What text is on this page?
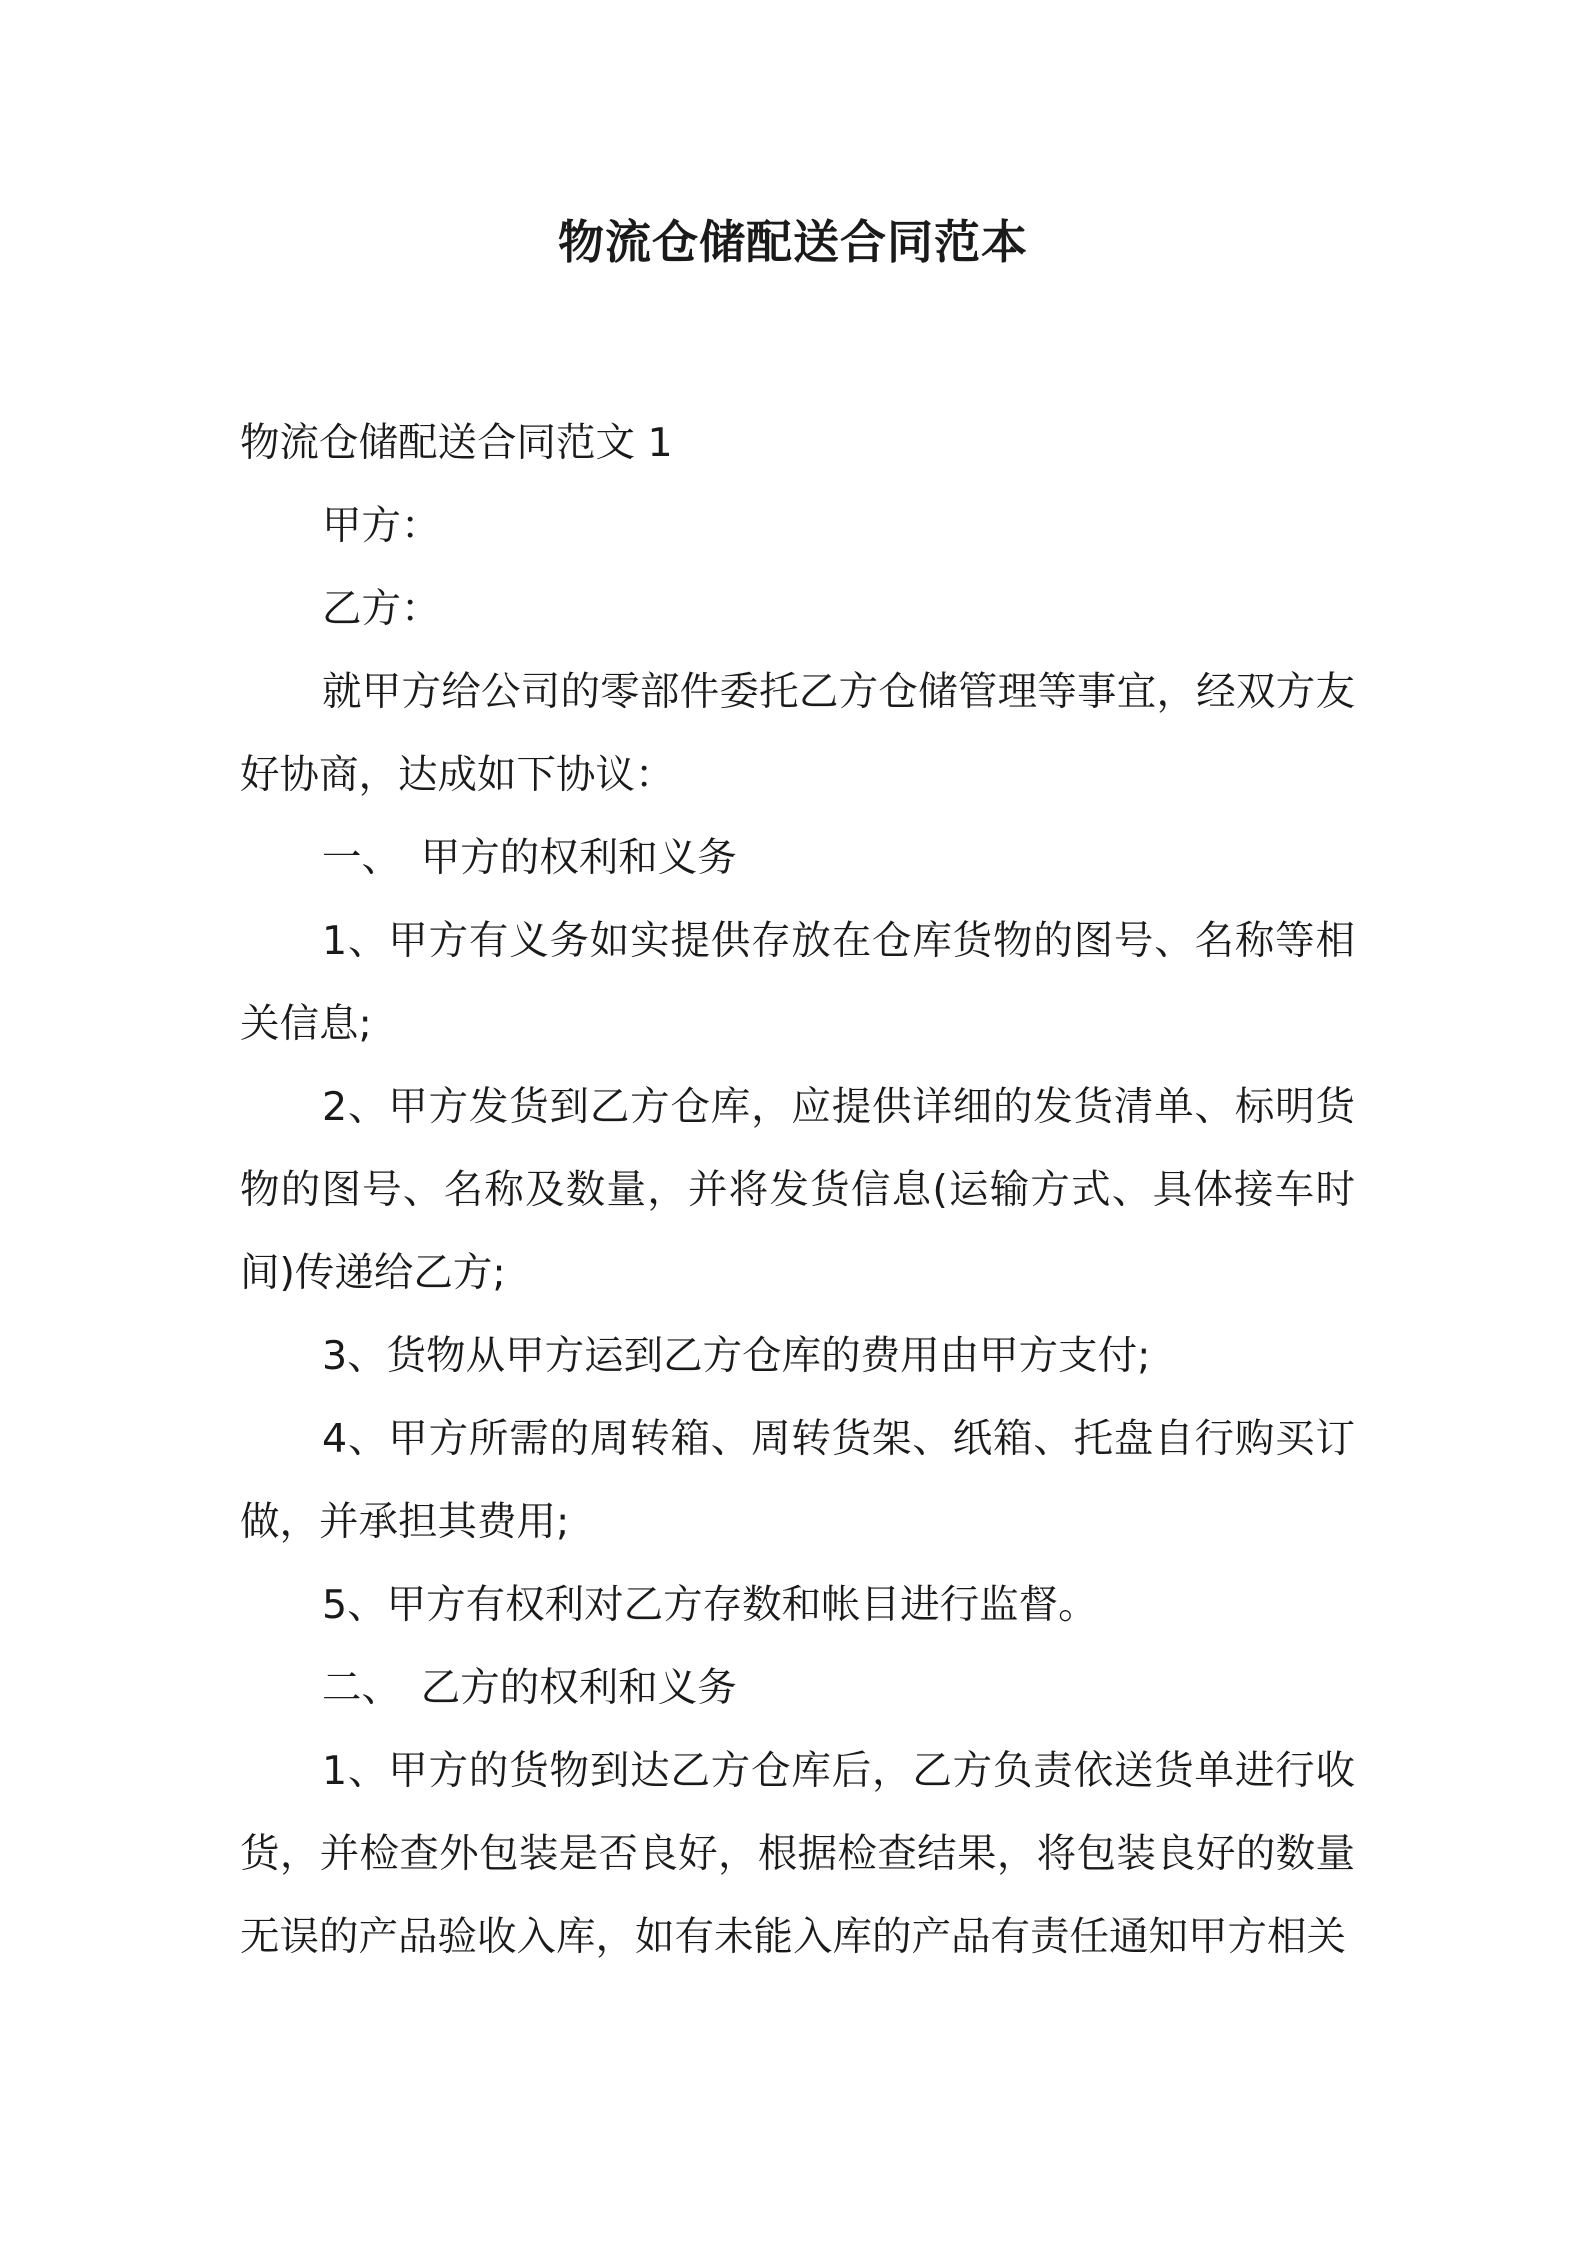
物流仓储配送合同范本

物流仓储配送合同范文 1

甲方：

乙方：

就甲方给公司的零部件委托乙方仓储管理等事宜，经双方友好协商，达成如下协议：

一、　甲方的权利和义务

1、甲方有义务如实提供存放在仓库货物的图号、名称等相关信息;

2、甲方发货到乙方仓库，应提供详细的发货清单、标明货物的图号、名称及数量，并将发货信息(运输方式、具体接车时间)传递给乙方;

3、货物从甲方运到乙方仓库的费用由甲方支付;

4、甲方所需的周转箱、周转货架、纸箱、托盘自行购买订做，并承担其费用;

5、甲方有权利对乙方存数和帐目进行监督。

二、　乙方的权利和义务

1、甲方的货物到达乙方仓库后，乙方负责依送货单进行收货，并检查外包装是否良好，根据检查结果，将包装良好的数量无误的产品验收入库，如有未能入库的产品有责任通知甲方相关
